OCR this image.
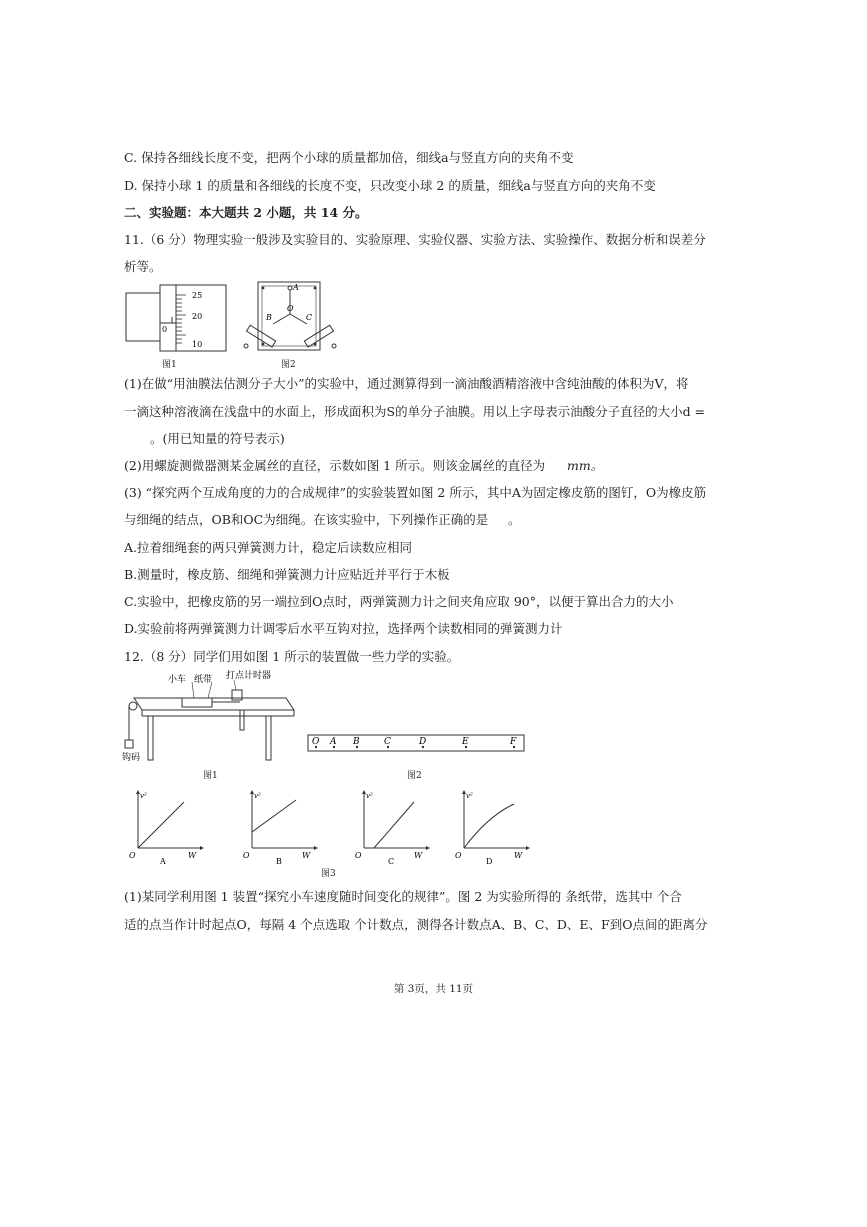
C. 保持各细线长度不变，把两个小球的质量都加倍，细线a与竖直方向的夹角不变
D. 保持小球 1 的质量和各细线的长度不变，只改变小球 2 的质量，细线a与竖直方向的夹角不变
二、实验题：本大题共 2 小题，共 14 分。
11.（6 分）物理实验一般涉及实验目的、实验原理、实验仪器、实验方法、实验操作、数据分析和误差分
析等。
25
20
10
0
图1
A
O
B	C
图2
(1)在做“用油膜法估测分子大小”的实验中，通过测算得到一滴油酸酒精溶液中含纯油酸的体积为V，将
一滴这种溶液滴在浅盘中的水面上，形成面积为S的单分子油膜。用以上字母表示油酸分子直径的大小d =
。(用已知量的符号表示)
(2)用螺旋测微器测某金属丝的直径，示数如图 1 所示。则该金属丝的直径为 mm。
(3) “探究两个互成角度的力的合成规律”的实验装置如图 2 所示，其中A为固定橡皮筋的图钉，O为橡皮筋
与细绳的结点，OB和OC为细绳。在该实验中，下列操作正确的是 。
A.拉着细绳套的两只弹簧测力计，稳定后读数应相同
B.测量时，橡皮筋、细绳和弹簧测力计应贴近并平行于木板
C.实验中，把橡皮筋的另一端拉到O点时，两弹簧测力计之间夹角应取 90°，以便于算出合力的大小
D.实验前将两弹簧测力计调零后水平互钩对拉，选择两个读数相同的弹簧测力计
12.（8 分）同学们用如图 1 所示的装置做一些力学的实验。
小车 纸带 打点计时器
钩码
图1
O A B	C	D	E	F
图2
v²
W
O
A
v²
W
O
B
v²
W
O
C
v²
W
O
D
图3
(1)某同学利用图 1 装置“探究小车速度随时间变化的规律”。图 2 为实验所得的 条纸带，选其中 个合
适的点当作计时起点O，每隔 4 个点选取 个计数点，测得各计数点A、B、C、D、E、F到O点间的距离分
第 3页，共 11页
